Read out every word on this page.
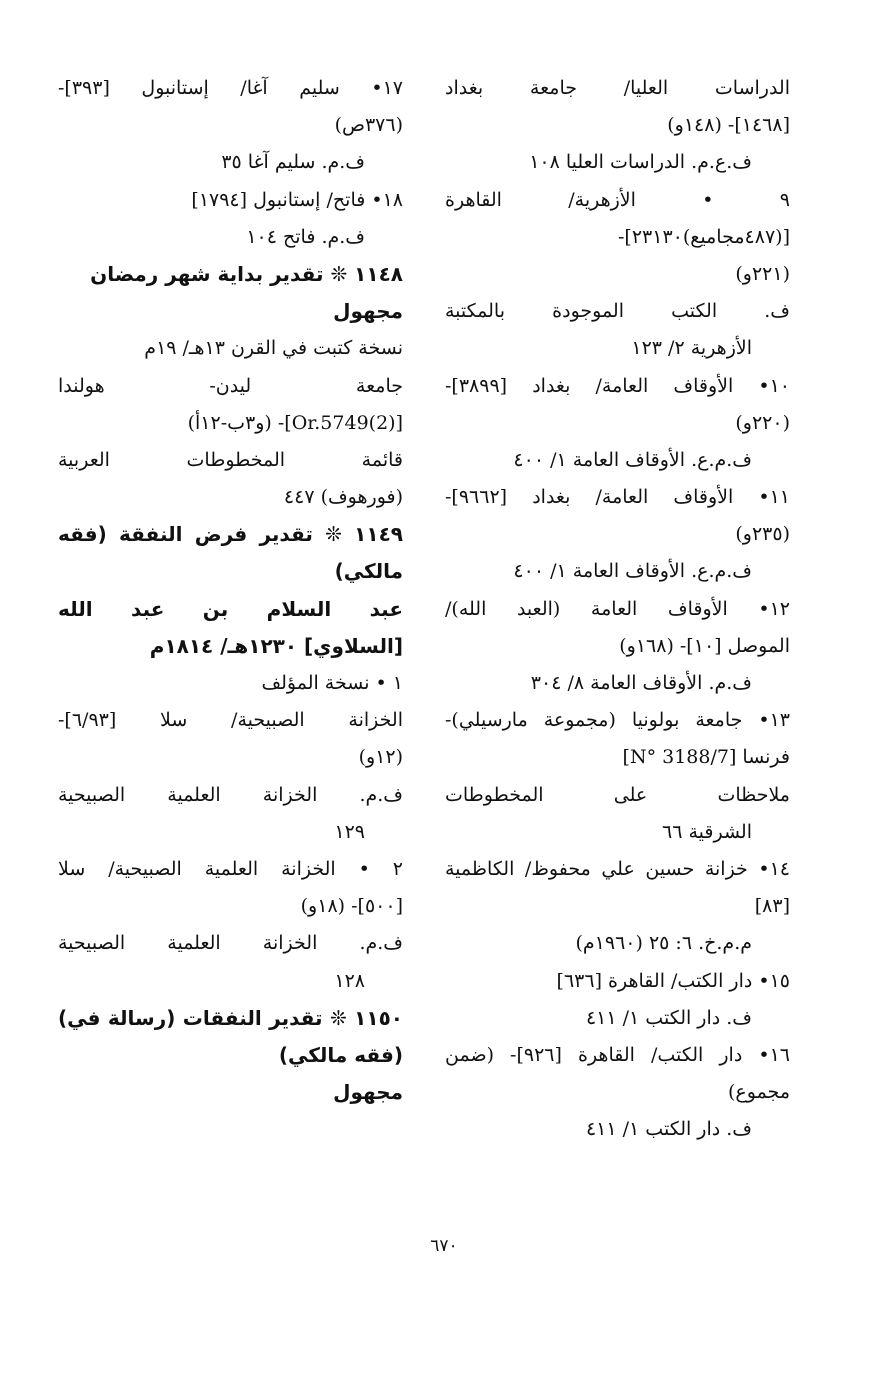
الدراسات العليا/ جامعة بغداد
[١٤٦٨]- (١٤٨و)
ف.ع.م. الدراسات العليا ١٠٨
٩ • الأزهرية/ القاهرة
[(٤٨٧مجاميع)٢٣١٣٠]-
(٢٢١و)
ف. الكتب الموجودة بالمكتبة
الأزهرية ٢/ ١٢٣
١٠• الأوقاف العامة/ بغداد [٣٨٩٩]-
(٢٢٠و)
ف.م.ع. الأوقاف العامة ١/ ٤٠٠
١١• الأوقاف العامة/ بغداد [٩٦٦٢]-
(٢٣٥و)
ف.م.ع. الأوقاف العامة ١/ ٤٠٠
١٢• الأوقاف العامة (العبد الله)/
الموصل [١٠]- (١٦٨و)
ف.م. الأوقاف العامة ٨/ ٣٠٤
١٣• جامعة بولونيا (مجموعة مارسيلي)-
فرنسا [N° 3188/7]
ملاحظات على المخطوطات
الشرقية ٦٦
١٤• خزانة حسين علي محفوظ/ الكاظمية
[٨٣]
م.م.خ. ٦: ٢٥ (١٩٦٠م)
١٥• دار الكتب/ القاهرة [٦٣٦]
ف. دار الكتب ١/ ٤١١
١٦• دار الكتب/ القاهرة [٩٢٦]- (ضمن
مجموع)
ف. دار الكتب ١/ ٤١١
١٧• سليم آغا/ إستانبول [٣٩٣]-
(٣٧٦ص)
ف.م. سليم آغا ٣٥
١٨• فاتح/ إستانبول [١٧٩٤]
ف.م. فاتح ١٠٤
١١٤٨ ❊ تقدير بداية شهر رمضان
مجهول
نسخة كتبت في القرن ١٣هـ/ ١٩م
جامعة ليدن- هولندا
[Or.5749(2)]- (و٣ب-١٢أ)
قائمة المخطوطات العربية
(فورهوف) ٤٤٧
١١٤٩ ❊ تقدير فرض النفقة (فقه
مالكي)
عبد السلام بن عبد الله
[السلاوي] ١٢٣٠هـ/ ١٨١٤م
١ • نسخة المؤلف
الخزانة الصبيحية/ سلا [٦/٩٣]-
(١٢و)
ف.م. الخزانة العلمية الصبيحية
١٢٩
٢ • الخزانة العلمية الصبيحية/ سلا
[٥٠٠]- (١٨و)
ف.م. الخزانة العلمية الصبيحية
١٢٨
١١٥٠ ❊ تقدير النفقات (رسالة في)
(فقه مالكي)
مجهول
٦٧٠
